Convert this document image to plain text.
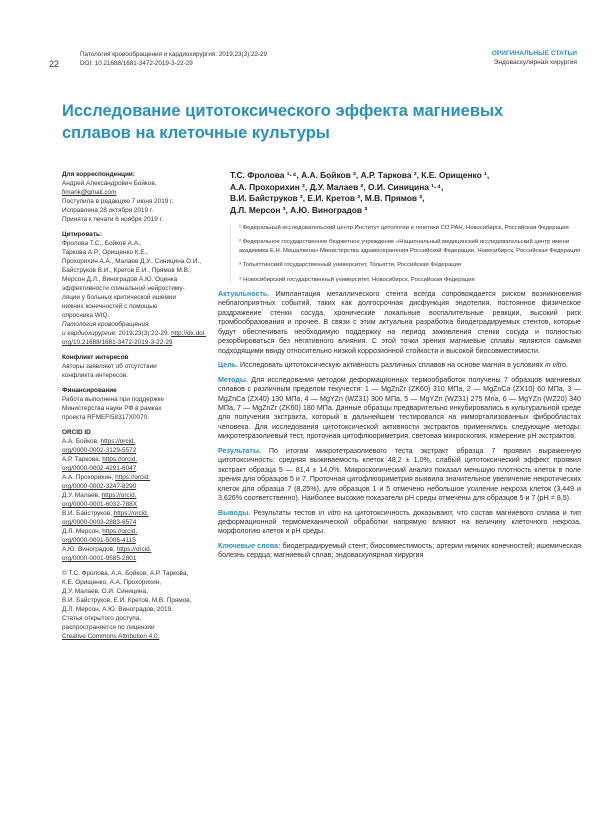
22
Патология кровообращения и кардиохирургия. 2019;23(3):22-29
DOI: 10.21688/1681-3472-2019-3-22-29
ОРИГИНАЛЬНЫЕ СТАТЬИ
Эндоваскулярная хирургия
Исследование цитотоксического эффекта магниевых сплавов на клеточные культуры
Для корреспонденции:

Андрей Александрович Бойков,

fimarik@gmail.com

Поступила в редакцию 7 июня 2019 г.

Исправлена 28 октября 2019 г.

Принята к печати 6 ноября 2019 г.

Цитировать:

Фролова Т.С., Бойков А.А.,

Таркова А.Р., Орищенко К.Е.,

Прохорихин А.А., Малаев Д.У., Синицина О.И.,

Байструков В.И., Кретов Е.И., Прямов М.В.,

Мерсон Д.Л., Виноградов А.Ю. Оценка

эффективности спинальной нейростиму-

ляции у больных критической ишемии

нижних конечностей с помощью

опросника WIQ.

Патология кровообращения

и кардиохирургия. 2019;23(3):22-29. http://dx.doi.

org/10.21688/1681-3472-2019-3-22-29

Конфликт интересов

Авторы заявляют об отсутствии

конфликта интересов.

Финансирование

Работа выполнена при поддержке

Министерства науки РФ в рамках

проекта RFMEFI58317X0070.

ORCID ID

А.А. Бойков, https://orcid.

org/0000-0002-3129-5572

А.Р. Таркова, https://orcid.

org/0000-0002-4291-6047

А.А. Прохорихин, https://orcid.

org/0000-0002-3247-8290

Д.У. Малаев, https://orcid.

org/0000-0001-6032-788X

В.И. Байструков, https://orcid.

org/0000-0003-2883-6574

Д.Л. Мерсон, https://orcid.

org/0000-0001-5006-4115

А.Ю. Виноградов, https://orcid.

org/0000-0001-9585-2801

© Т.С. Фролова, А.А. Бойков, А.Р. Таркова,

К.Е. Орищенко, А.А. Прохорихин,

Д.У. Малаев, О.И. Синицина,

В.И. Байструков, Е.И. Кретов, М.В. Прямов,

Д.Л. Мерсон, А.Ю. Виноградов, 2019.

Статья открытого доступа,

распространяется по лицензии

Creative Commons Attribution 4.0.

Т.С. Фролова ¹·⁴, А.А. Бойков ², А.Р. Таркова ², К.Е. Орищенко ¹,
А.А. Прохорихин ², Д.У. Малаев ², О.И. Синицина ¹·⁴,
В.И. Байструков ², Е.И. Кретов ², М.В. Прямов ²,
Д.Л. Мерсон ³, А.Ю. Виноградов ³

¹ Федеральный исследовательский центр Институт цитологии и генетики СО РАН, Новосибирск, Российская Федерация

² Федеральное государственное бюджетное учреждение «Национальный медицинский исследовательский центр имени академика Е.Н. Мешалкина» Министерства здравоохранения Российской Федерации, Новосибирск, Российская Федерация

³ Тольяттинский государственный университет, Тольятти, Российская Федерация

⁴ Новосибирский государственный университет, Новосибирск, Российская Федерация

Актуальность. Имплантация металлического стента всегда сопровождается риском возникновения неблагоприятных событий, таких как долгосрочная дисфункция эндотелия, постоянное физическое раздражение стенки сосуда, хронические локальные воспалительные реакции, высокий риск тромбообразования и прочее. В связи с этим актуальна разработка биодеградируемых стентов, которые будут обеспечивать необходимую поддержку на период заживления стенки сосуда и полностью резорбироваться без негативного влияния. С этой точки зрения магниевые сплавы являются самыми подходящими ввиду относительно низкой коррозионной стойкости и высокой биосовместимости.

Цель. Исследовать цитотоксическую активность различных сплавов на основе магния в условиях in vitro.

Методы. Для исследования методом деформационных термообработок получены 7 образцов магниевых сплавов с различным пределом текучести: 1 — MgZnZr (ZK60) 310 МПа, 2 — MgZnCa (ZX10) 60 МПа, 3 — MgZnCa (ZX40) 130 МПа, 4 — MgYZn (WZ31) 300 МПа, 5 — MgYZn (WZ31) 275 Mna, 6 — MgYZn (WZ20) 340 МПа, 7 — MgZnZr (ZK60) 180 МПа. Данные образцы предварительно инкубировались в культуральной среде для получения экстракта, который в дальнейшем тестировался на иммортализованных фибробластах человека. Для исследования цитотоксической активности экстрактов применялись следующие методы: микротетразолиевый тест, проточная цитофлюориметрия, световая микроскопия, измерение pH экстрактов.

Результаты. По итогам микротетразолиевого теста экстракт образца 7 проявил выраженную цитотоксичность: средняя выживаемость клеток 48,2 ± 1,0%, слабый цитотоксический эффект проявил экстракт образца 5 — 81,4 ± 14,0%. Микроскопический анализ показал меньшую плотность клеток в поле зрения для образцов 5 и 7. Проточная цитофлюориметрия выявила значительное увеличение некротических клеток для образца 7 (8,25%), для образцов 1 и 5 отмечено небольшое усиление некроза клеток (3,449 и 3,626% соответственно). Наиболее высокие показатели pH среды отмечены для образцов 5 и 7 (pH = 8,5).

Выводы. Результаты тестов in vitro на цитотоксичность доказывают, что состав магниевого сплава и тип деформационной термомеханической обработки напрямую влияют на величину клеточного некроза, морфологию клеток и pH среды.

Ключевые слова: биодеградируемый стент; биосовместимость; артерии нижних конечностей; ишемическая болезнь сердца; магниевый сплав; эндоваскулярная хирургия
